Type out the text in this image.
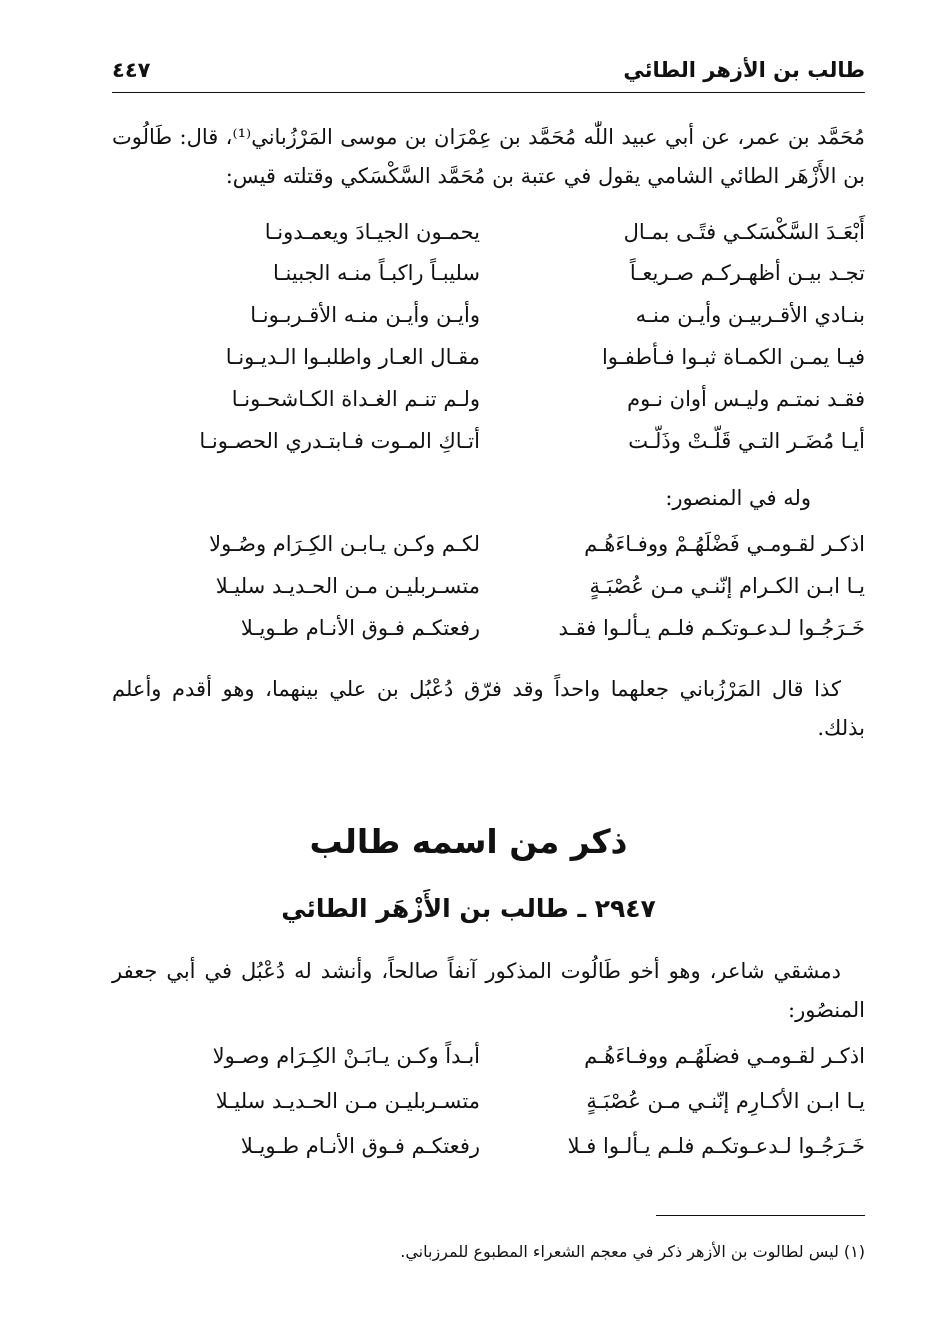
طالب بن الأزهر الطائي
٤٤٧
مُحَمَّد بن عمر، عن أبي عبيد اللّٰه مُحَمَّد بن عِمْرَان بن موسى المَرْزُباني⁽¹⁾، قال: طَالُوت بن الأَزْهَر الطائي الشامي يقول في عتبة بن مُحَمَّد السَّكْسَكي وقتلته قيس:
أَبْعَـدَ السَّكْسَكـي فتًـى بمـال
يحمـون الجيـادَ ويعمـدونـا
تجـد بيـن أظهـركـم صـريعـاً
سليبـاً راكبـاً منـه الجبينـا
بنـادي الأقـربيـن وأيـن منـه
وأيـن وأيـن منـه الأقـربـونـا
فيـا يمـن الكمـاة ثبـوا فـأطفـوا
مقـال العـار واطلبـوا الـديـونـا
فقـد نمتـم وليـس أوان نـوم
ولـم تنـم الغـداة الكـاشحـونـا
أيـا مُضَـر التـي قَلّـتْ وذَلّـت
أتـاكِ المـوت فـابتـدري الحصـونـا
وله في المنصور:
اذكـر لقـومـي فَضْلَهُـمْ ووفـاءَهُـم
لكـم وكـن يـابـن الكِـرَام وصُـولا
يـا ابـن الكـرام إنّنـي مـن عُصْبَـةٍ
متسـربليـن مـن الحـديـد سليـلا
خَـرَجُـوا لـدعـوتكـم فلـم يـألـوا فقـد
رفعتكـم فـوق الأنـام طـويـلا
كذا قال المَرْزُباني جعلهما واحداً وقد فرّق دُعْبُل بن علي بينهما، وهو أقدم وأعلم بذلك.
ذكر من اسمه طالب
٢٩٤٧ ـ طالب بن الأَزْهَر الطائي
دمشقي شاعر، وهو أخو طَالُوت المذكور آنفاً صالحاً، وأنشد له دُعْبُل في أبي جعفر المنصُور:
اذكـر لقـومـي فضلَهُـم ووفـاءَهُـم
أبـداً وكـن يـابَـنْ الكِـرَام وصـولا
يـا ابـن الأكـارِم إنّنـي مـن عُصْبَـةٍ
متسـربليـن مـن الحـديـد سليـلا
خَـرَجُـوا لـدعـوتكـم فلـم يـألـوا فـلا
رفعتكـم فـوق الأنـام طـويـلا
(١) ليس لطالوت بن الأزهر ذكر في معجم الشعراء المطبوع للمرزباني.
